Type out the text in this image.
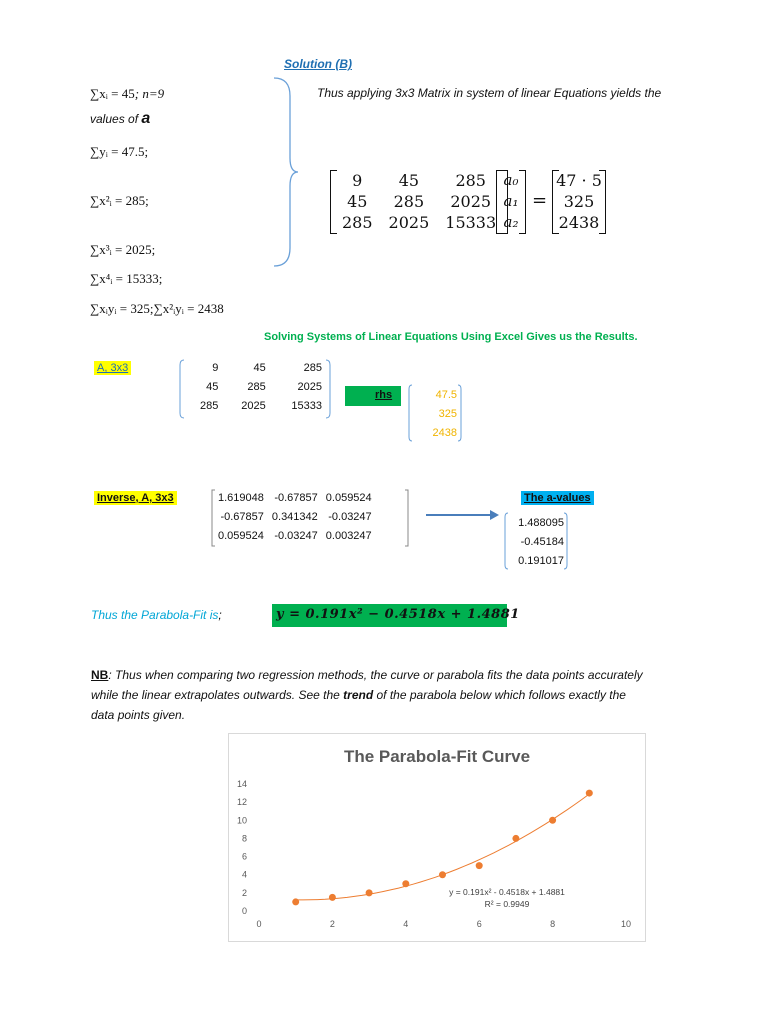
Solution (B)
∑xᵢ = 45; n=9
values of a
∑yᵢ = 47.5;
∑x²ᵢ = 285;
∑x³ᵢ = 2025;
∑x⁴ᵢ = 15333;
∑xᵢyᵢ = 325;∑x²ᵢyᵢ = 2438
Thus applying 3x3 Matrix in system of linear Equations yields the
9	45	285
45	285	2025
285	2025	15333
a₀
a₁
a₂
=
47 · 5
325
2438
Solving Systems of Linear Equations Using Excel Gives us the Results.
A, 3x3	9	45	285
45	285	2025
285	2025	15333
rhs	47.5
325
2438
Inverse, A, 3x3	1.619048	-0.67857	0.059524
-0.67857	0.341342	-0.03247
0.059524	-0.03247	0.003247
The a-values
1.488095
-0.45184
0.191017
Thus the Parabola-Fit is;	y = 0.191x² − 0.4518x + 1.4881
NB: Thus when comparing two regression methods, the curve or parabola fits the data points accurately
while the linear extrapolates outwards. See the trend of the parabola below which follows exactly the
data points given.
The Parabola-Fit Curve
0
2
4
6
8
10
12
14
0	2	4	6	8	10
y = 0.191x² - 0.4518x + 1.4881
R² = 0.9949
